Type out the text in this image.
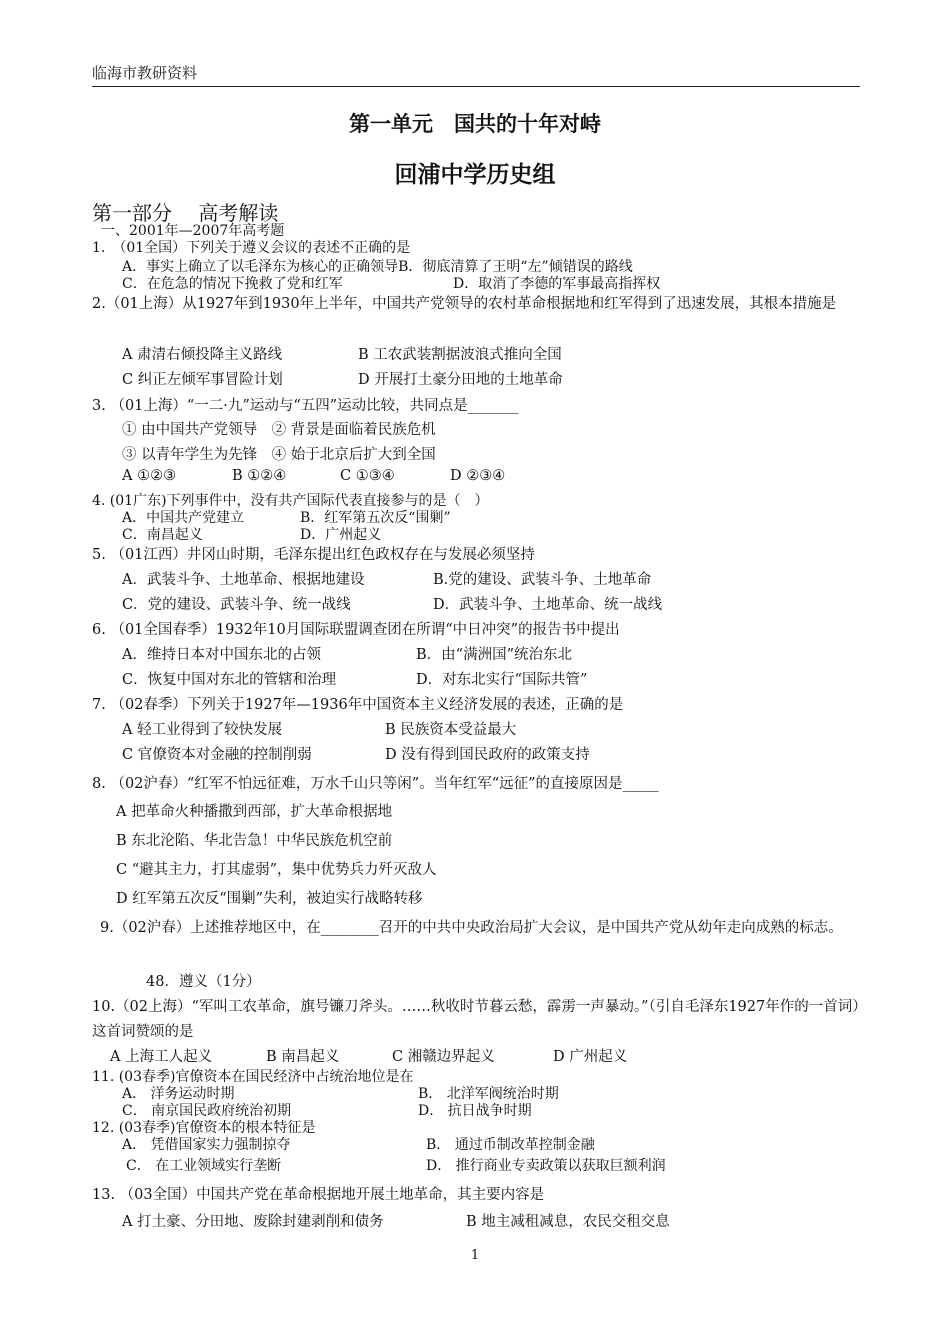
临海市教研资料
第一单元　国共的十年对峙
回浦中学历史组
第一部分　 高考解读
一、2001年—2007年高考题
1.　（01全国）下列关于遵义会议的表述不正确的是
A．事实上确立了以毛泽东为核心的正确领导B．彻底清算了王明“左”倾错误的路线
C．在危急的情况下挽救了党和红军	D．取消了李德的军事最高指挥权
2.（01上海）从1927年到1930年上半年，中国共产党领导的农村革命根据地和红军得到了迅速发展，其根本措施是
A 肃清右倾投降主义路线	B 工农武装割据波浪式推向全国
C 纠正左倾军事冒险计划	D 开展打土豪分田地的土地革命
3. （01上海）“一二·九”运动与“五四”运动比较，共同点是_______
① 由中国共产党领导　② 背景是面临着民族危机
③ 以青年学生为先锋　④ 始于北京后扩大到全国
A ①②③	B ①②④	C ①③④	D ②③④
4. (01广东)下列事件中，没有共产国际代表直接参与的是（　）
A．中国共产党建立	B．红军第五次反“围剿”
C．南昌起义	D．广州起义
5. （01江西）井冈山时期，毛泽东提出红色政权存在与发展必须坚持
A．武装斗争、土地革命、根据地建设	B.党的建设、武装斗争、土地革命
C．党的建设、武装斗争、统一战线	D．武装斗争、土地革命、统一战线
6. （01全国春季）1932年10月国际联盟调查团在所谓“中日冲突”的报告书中提出
A．维持日本对中国东北的占领	B．由“满洲国”统治东北
C．恢复中国对东北的管辖和治理	D．对东北实行“国际共管”
7. （02春季）下列关于1927年—1936年中国资本主义经济发展的表述，正确的是
A 轻工业得到了较快发展	B 民族资本受益最大
C 官僚资本对金融的控制削弱	D 没有得到国民政府的政策支持
8. （02沪春）“红军不怕远征难，万水千山只等闲”。当年红军“远征”的直接原因是_____
A 把革命火种播撒到西部，扩大革命根据地
B 东北沦陷、华北告急！中华民族危机空前
C “避其主力，打其虚弱”，集中优势兵力歼灭敌人
D 红军第五次反“围剿”失利，被迫实行战略转移
9.（02沪春）上述推荐地区中，在________召开的中共中央政治局扩大会议，是中国共产党从幼年走向成熟的标志。
48．遵义（1分）
10.（02上海）“军叫工农革命，旗号镰刀斧头。……秋收时节暮云愁，霹雳一声暴动。”（引自毛泽东1927年作的一首词）这首词赞颂的是
A 上海工人起义	B 南昌起义	C 湘赣边界起义	D 广州起义
11. (03春季)官僚资本在国民经济中占统治地位是在
A． 洋务运动时期	B． 北洋军阀统治时期
C． 南京国民政府统治初期	D． 抗日战争时期
12. (03春季)官僚资本的根本特征是
A． 凭借国家实力强制掠夺	B． 通过币制改革控制金融
C． 在工业领域实行垄断	D． 推行商业专卖政策以获取巨额利润
13. （03全国）中国共产党在革命根据地开展土地革命，其主要内容是
A 打土豪、分田地、废除封建剥削和债务	B 地主减租减息，农民交租交息
1
